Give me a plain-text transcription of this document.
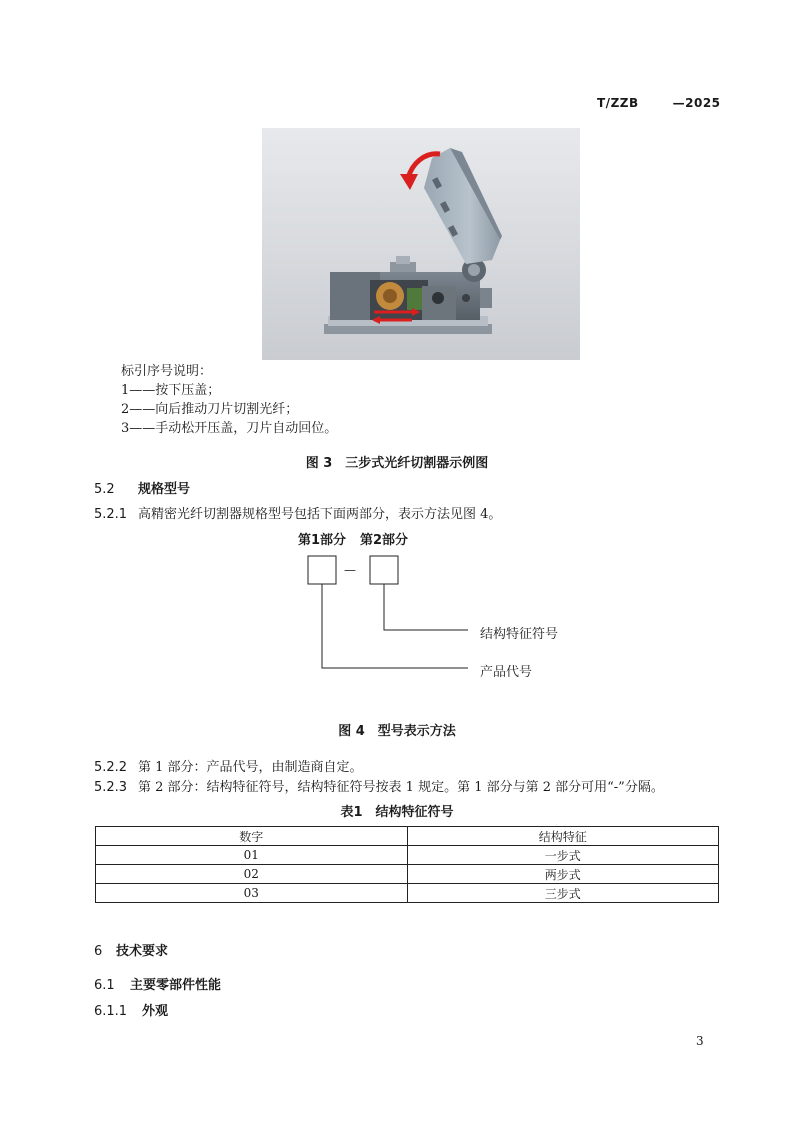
T/ZZB	—2025
标引序号说明：
1——按下压盖；
2——向后推动刀片切割光纤；
3——手动松开压盖，刀片自动回位。
图 3　三步式光纤切割器示例图
5.2 规格型号
5.2.1 高精密光纤切割器规格型号包括下面两部分，表示方法见图 4。
第1部分 第2部分
—
结构特征符号
产品代号
图 4　型号表示方法
5.2.2 第 1 部分：产品代号，由制造商自定。
5.2.3 第 2 部分：结构特征符号，结构特征符号按表 1 规定。第 1 部分与第 2 部分可用“-”分隔。
表1　结构特征符号
数字	结构特征
01	一步式
02	两步式
03	三步式
6 技术要求
6.1 主要零部件性能
6.1.1 外观
3
